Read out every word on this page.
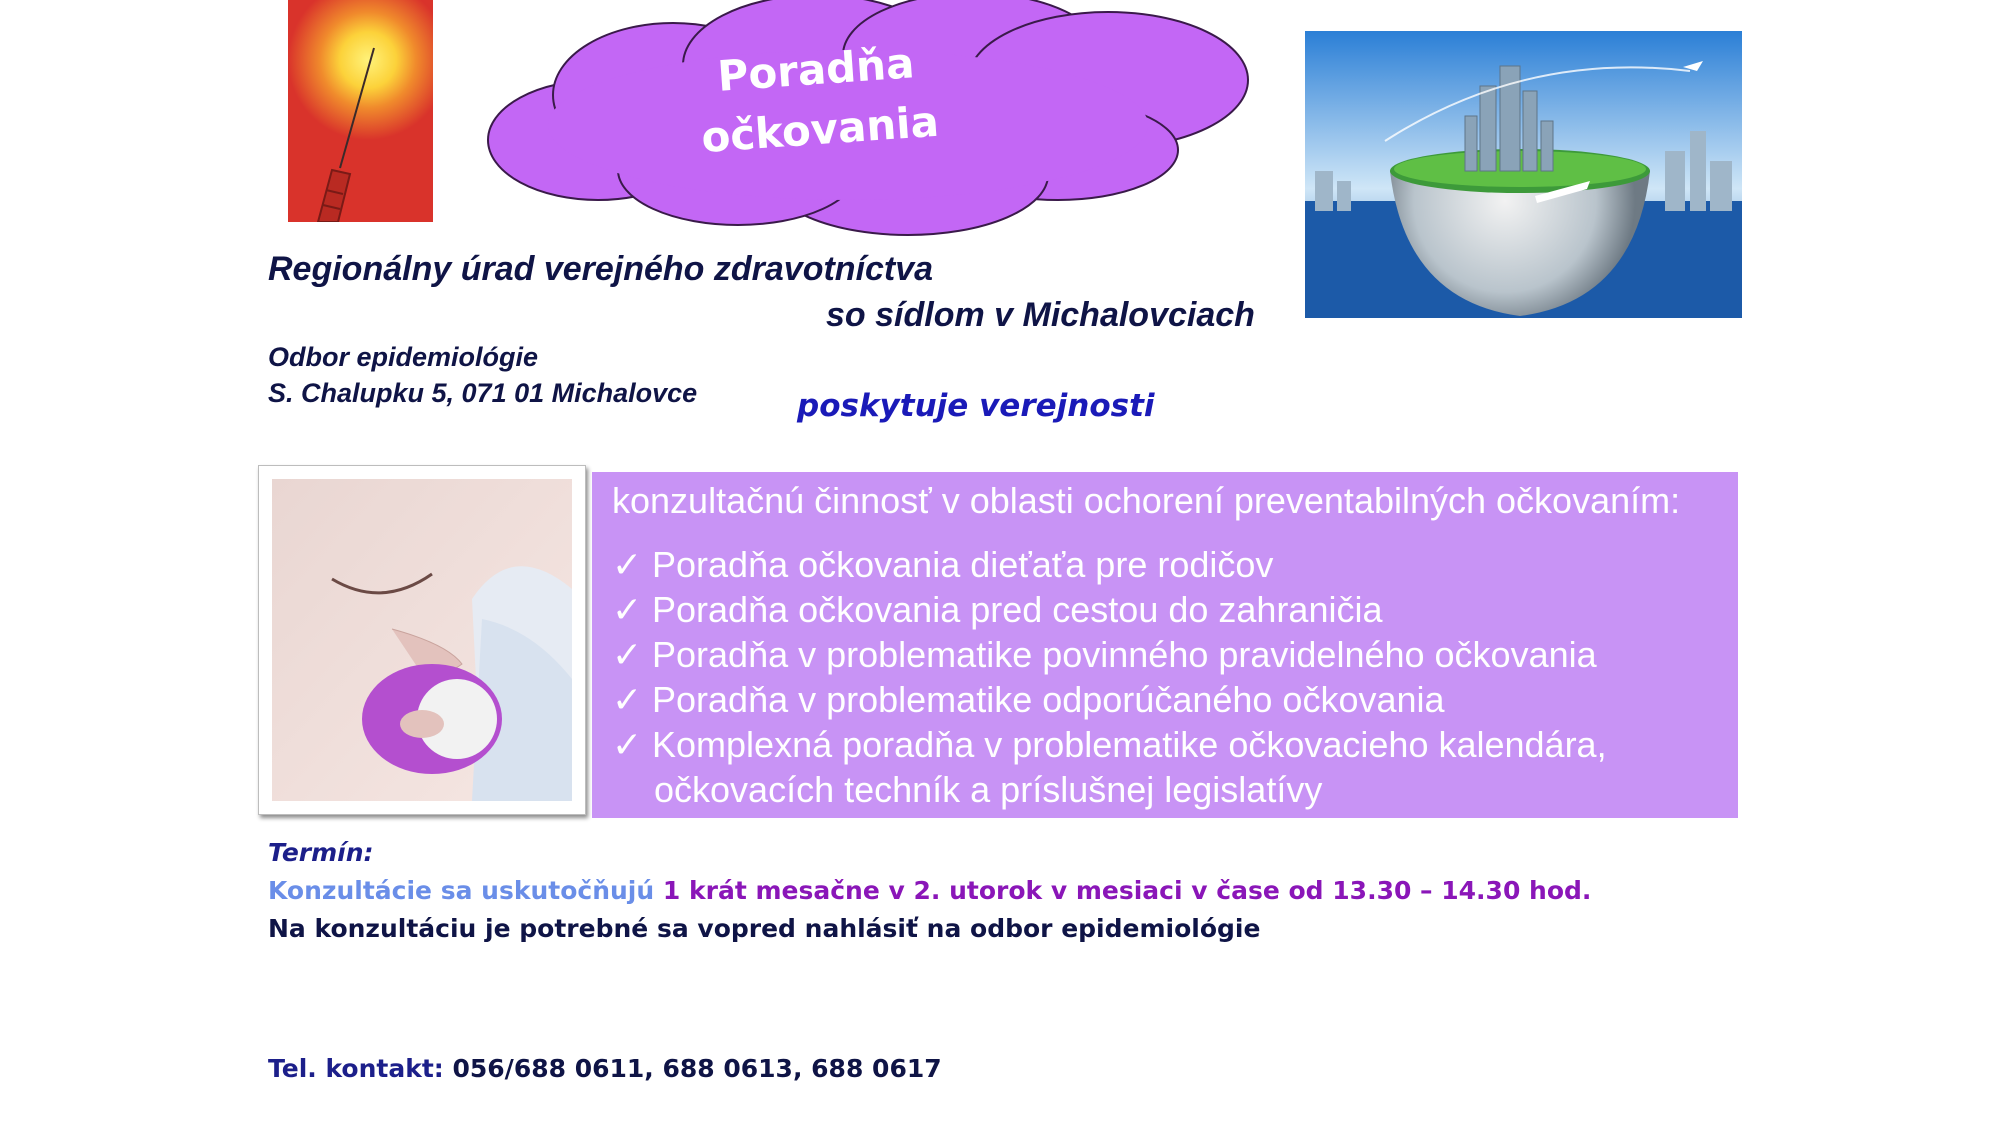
Poradňa
očkovania
Regionálny úrad verejného zdravotníctva
so sídlom v Michalovciach
Odbor epidemiológie
S. Chalupku 5, 071 01 Michalovce	poskytuje verejnosti
konzultačnú činnosť v oblasti ochorení preventabilných očkovaním:
✓ Poradňa očkovania dieťaťa pre rodičov
✓ Poradňa očkovania pred cestou do zahraničia
✓ Poradňa v problematike povinného pravidelného očkovania
✓ Poradňa v problematike odporúčaného očkovania
✓ Komplexná poradňa v problematike očkovacieho kalendára,
očkovacích techník a príslušnej legislatívy
Termín:
Konzultácie sa uskutočňujú 1 krát mesačne v 2. utorok v mesiaci v čase od 13.30 – 14.30 hod.
Na konzultáciu je potrebné sa vopred nahlásiť na odbor epidemiológie
Tel. kontakt: 056/688 0611, 688 0613, 688 0617
